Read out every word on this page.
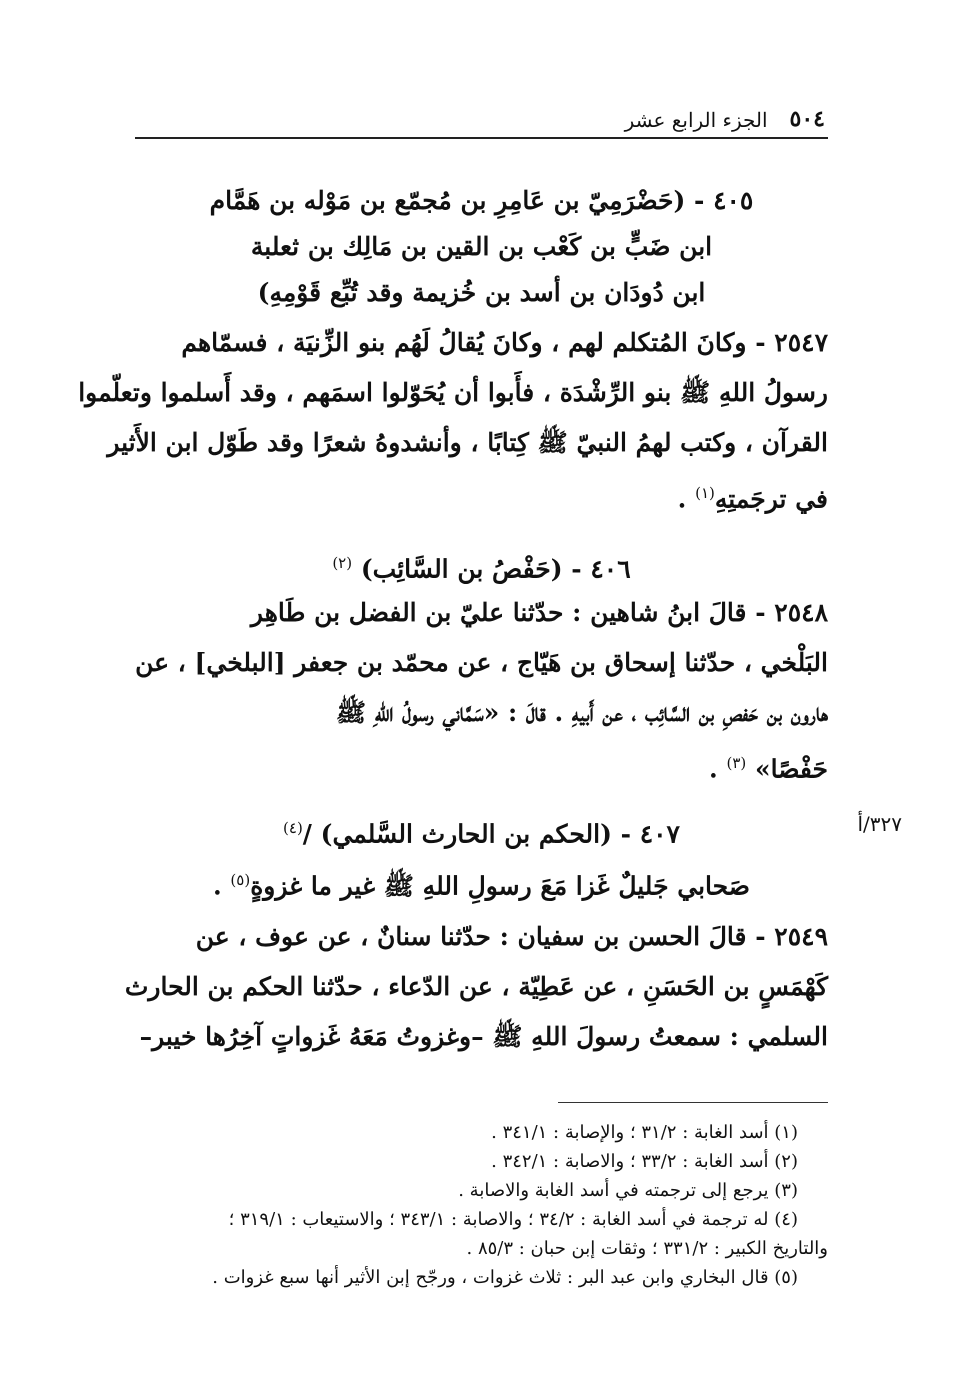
٥٠٤
الجزء الرابع عشر
٤٠٥ - (حَضْرَمِيّ بن عَامِرِ بن مُجمّع بن مَوْله بن هَمَّام
ابن ضَبٍّ بن كَعْب بن القين بن مَالِك بن ثعلبة
ابن دُودَان بن أسد بن خُزيمة وقد تُبِّع قَوْمِهِ)
٢٥٤٧ - وكانَ المُتكلم لهم ، وكانَ يُقالُ لَهُم بنو الزِّنيَة ، فسمّاهم
رسولُ اللهِ ﷺ بنو الرِّشْدَة ، فأَبوا أن يُحَوّلوا اسمَهم ، وقد أَسلموا وتعلّموا
القرآن ، وكتب لهمُ النبيّ ﷺ كِتابًا ، وأنشدوهُ شعرًا وقد طَوّل ابن الأَثير
في ترجَمتِهِ$^{(١)}$ .
٤٠٦ - (حَفْصُ بن السَّائِب) $^{(٢)}$
٢٥٤٨ - قالَ ابنُ شاهين : حدّثنا عليّ بن الفضل بن طَاهِر
البَلْخي ، حدّثنا إسحاق بن هَيّاج ، عن محمّد بن جعفر [البلخي] ، عن
هارون بن حَفصِ بن السَّائِب ، عن أَبيهِ . قالَ : «سَمَّاني رسولُ اللهِ ﷺ
حَفْصًا» $^{(٣)}$ .
٣٢٧/أ
٤٠٧ - (الحكم بن الحارث السَّلمي) /$^{(٤)}$
صَحابي جَليلٌ غَزا مَعَ رسولِ اللهِ ﷺ غير ما غزوةٍ$^{(٥)}$ .
٢٥٤٩ - قالَ الحسن بن سفيان : حدّثنا سنانٌ ، عن عوف ، عن
كَهْمَسٍ بن الحَسَنِ ، عن عَطِيّة ، عن الدّعاء ، حدّثنا الحكم بن الحارث
السلمي : سمعتُ رسولَ اللهِ ﷺ –وغزوتُ مَعَهُ غَزواتٍ آخِرُها خيبر–
(١) أسد الغابة : ٣١/٢ ؛ والإصابة : ٣٤١/١ .
(٢) أسد الغابة : ٣٣/٢ ؛ والاصابة : ٣٤٢/١ .
(٣) يرجع إلى ترجمته في أسد الغابة والاصابة .
(٤) له ترجمة في أسد الغابة : ٣٤/٢ ؛ والاصابة : ٣٤٣/١ ؛ والاستيعاب : ٣١٩/١ ؛
والتاريخ الكبير : ٣٣١/٢ ؛ وثقات إبن حبان : ٨٥/٣ .
(٥) قال البخاري وابن عبد البر : ثلاث غزوات ، ورجّح إبن الأثير أنها سبع غزوات .
